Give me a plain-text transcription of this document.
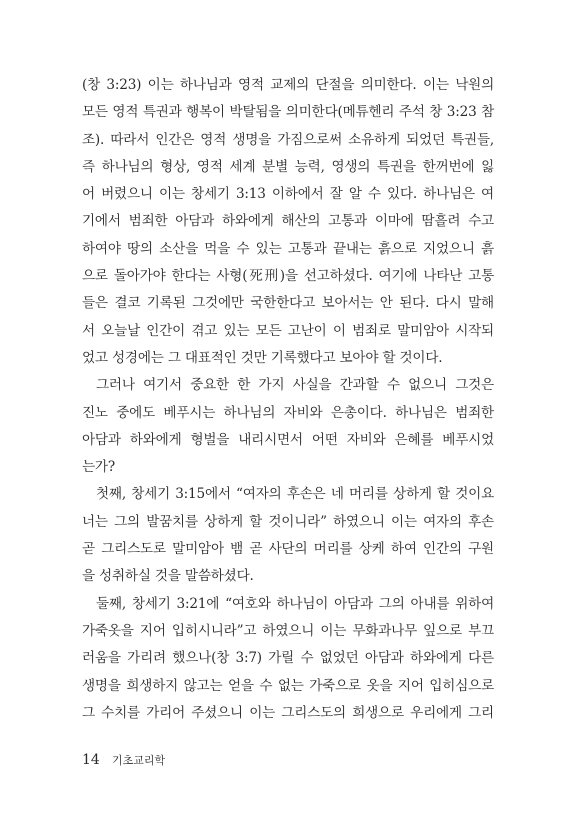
(창 3:23) 이는 하나님과 영적 교제의 단절을 의미한다. 이는 낙원의
모든 영적 특권과 행복이 박탈됨을 의미한다(메튜헨리 주석 창 3:23 참
조). 따라서 인간은 영적 생명을 가짐으로써 소유하게 되었던 특권들,
즉 하나님의 형상, 영적 세계 분별 능력, 영생의 특권을 한꺼번에 잃
어 버렸으니 이는 창세기 3:13 이하에서 잘 알 수 있다. 하나님은 여
기에서 범죄한 아담과 하와에게 해산의 고통과 이마에 땀흘려 수고
하여야 땅의 소산을 먹을 수 있는 고통과 끝내는 흙으로 지었으니 흙
으로 돌아가야 한다는 사형(死刑)을 선고하셨다. 여기에 나타난 고통
들은 결코 기록된 그것에만 국한한다고 보아서는 안 된다. 다시 말해
서 오늘날 인간이 겪고 있는 모든 고난이 이 범죄로 말미암아 시작되
었고 성경에는 그 대표적인 것만 기록했다고 보아야 할 것이다.
그러나 여기서 중요한 한 가지 사실을 간과할 수 없으니 그것은
진노 중에도 베푸시는 하나님의 자비와 은총이다. 하나님은 범죄한
아담과 하와에게 형벌을 내리시면서 어떤 자비와 은혜를 베푸시었
는가?
첫째, 창세기 3:15에서 “여자의 후손은 네 머리를 상하게 할 것이요
너는 그의 발꿈치를 상하게 할 것이니라” 하였으니 이는 여자의 후손
곧 그리스도로 말미암아 뱀 곧 사단의 머리를 상케 하여 인간의 구원
을 성취하실 것을 말씀하셨다.
둘째, 창세기 3:21에 “여호와 하나님이 아담과 그의 아내를 위하여
가죽옷을 지어 입히시니라”고 하였으니 이는 무화과나무 잎으로 부끄
러움을 가리려 했으나(창 3:7) 가릴 수 없었던 아담과 하와에게 다른
생명을 희생하지 않고는 얻을 수 없는 가죽으로 옷을 지어 입히심으로
그 수치를 가리어 주셨으니 이는 그리스도의 희생으로 우리에게 그리
14 기초교리학
